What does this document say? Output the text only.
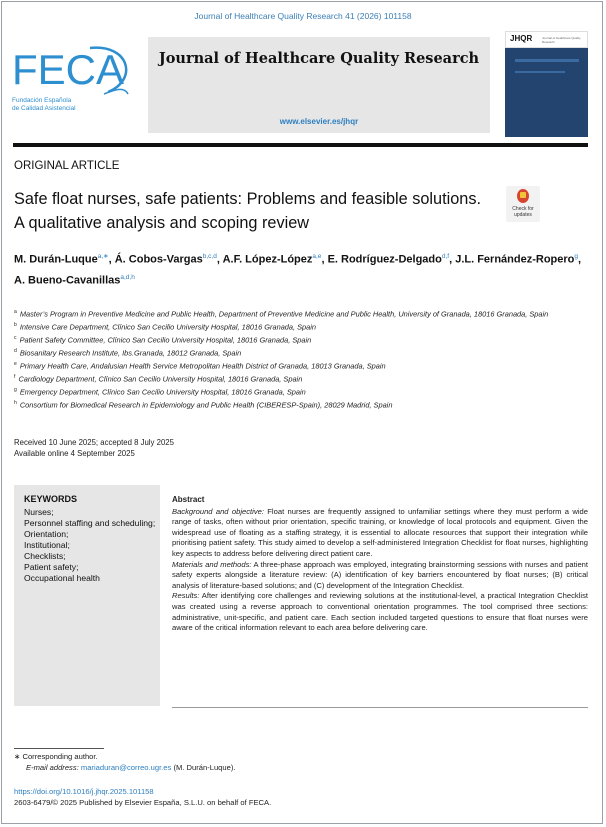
Journal of Healthcare Quality Research 41 (2026) 101158
FECA
Fundación Española
de Calidad Asistencial
Journal of Healthcare Quality Research
www.elsevier.es/jhqr
JHQR	Journal of Healthcare Quality Research
ORIGINAL ARTICLE
Safe float nurses, safe patients: Problems and feasible solutions. A qualitative analysis and scoping review
Check for
updates
M. Durán-Luque$^{a,∗}$, Á. Cobos-Vargas$^{b,c,d}$, A.F. López-López$^{a,e}$, E. Rodríguez-Delgado$^{d,f}$, J.L. Fernández-Ropero$^g$, A. Bueno-Cavanillas$^{a,d,h}$
$^a$ Master’s Program in Preventive Medicine and Public Health, Department of Preventive Medicine and Public Health, University of Granada, 18016 Granada, Spain
$^b$ Intensive Care Department, Clínico San Cecilio University Hospital, 18016 Granada, Spain
$^c$ Patient Safety Committee, Clínico San Cecilio University Hospital, 18016 Granada, Spain
$^d$ Biosanitary Research Institute, Ibs.Granada, 18012 Granada, Spain
$^e$ Primary Health Care, Andalusian Health Service Metropolitan Health District of Granada, 18013 Granada, Spain
$^f$ Cardiology Department, Clínico San Cecilio University Hospital, 18016 Granada, Spain
$^g$ Emergency Department, Clínico San Cecilio University Hospital, 18016 Granada, Spain
$^h$ Consortium for Biomedical Research in Epidemiology and Public Health (CIBERESP-Spain), 28029 Madrid, Spain
Received 10 June 2025; accepted 8 July 2025
Available online 4 September 2025
KEYWORDS
Nurses;
Personnel staffing and scheduling;
Orientation;
Institutional;
Checklists;
Patient safety;
Occupational health
Abstract

Background and objective: Float nurses are frequently assigned to unfamiliar settings where they must perform a wide range of tasks, often without prior orientation, specific training, or knowledge of local protocols and equipment. Given the widespread use of floating as a staffing strategy, it is essential to allocate resources that support their integration while prioritising patient safety. This study aimed to develop a self-administered Integration Checklist for float nurses, highlighting key aspects to address before delivering direct patient care.

Materials and methods: A three-phase approach was employed, integrating brainstorming sessions with nurses and patient safety experts alongside a literature review: (A) identification of key barriers encountered by float nurses; (B) critical analysis of literature-based solutions; and (C) development of the Integration Checklist.

Results: After identifying core challenges and reviewing solutions at the institutional-level, a practical Integration Checklist was created using a reverse approach to conventional orientation programmes. The tool comprised three sections: administrative, unit-specific, and patient care. Each section included targeted questions to ensure that float nurses were aware of the critical information relevant to each area before delivering care.

∗ Corresponding author.
E-mail address: mariaduran@correo.ugr.es (M. Durán-Luque).
https://doi.org/10.1016/j.jhqr.2025.101158
2603-6479/© 2025 Published by Elsevier España, S.L.U. on behalf of FECA.
